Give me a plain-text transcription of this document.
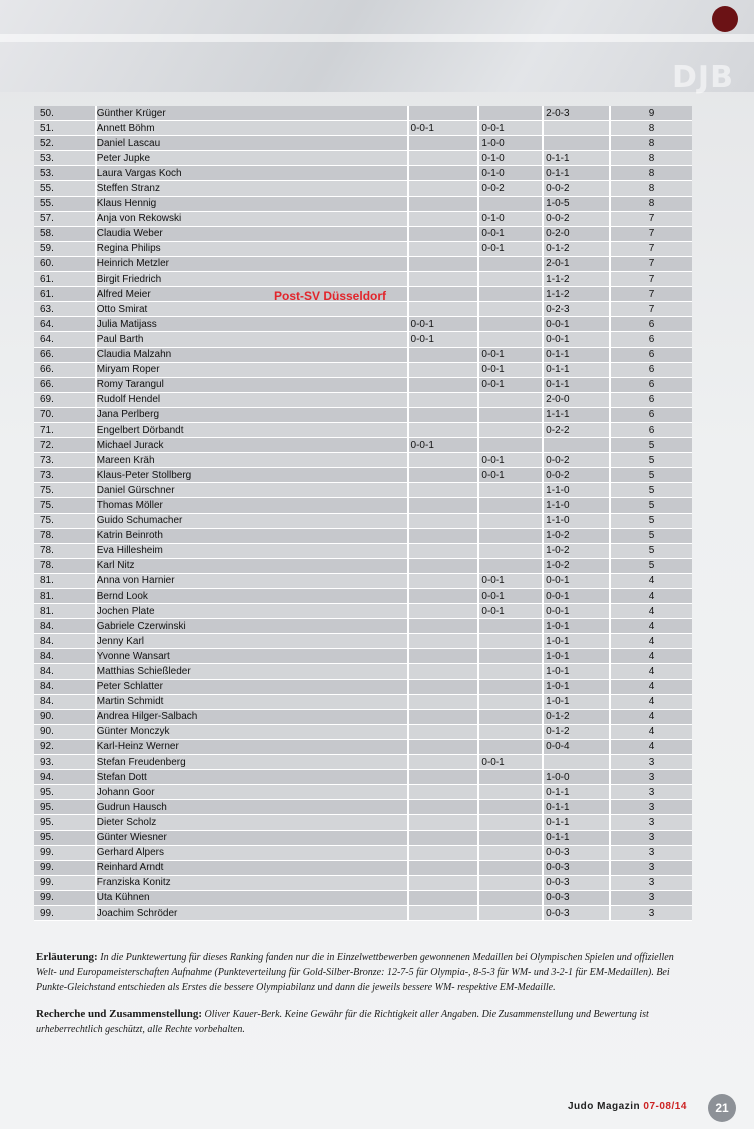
DJB
50.	Günther Krüger			2-0-3	9
51.	Annett Böhm	0-0-1	0-0-1		8
52.	Daniel Lascau		1-0-0		8
53.	Peter Jupke		0-1-0	0-1-1	8
53.	Laura Vargas Koch		0-1-0	0-1-1	8
55.	Steffen Stranz		0-0-2	0-0-2	8
55.	Klaus Hennig			1-0-5	8
57.	Anja von Rekowski		0-1-0	0-0-2	7
58.	Claudia Weber		0-0-1	0-2-0	7
59.	Regina Philips		0-0-1	0-1-2	7
60.	Heinrich Metzler			2-0-1	7
61.	Birgit Friedrich			1-1-2	7
61.	Alfred Meier			1-1-2	7
63.	Otto Smirat			0-2-3	7
64.	Julia Matijass	0-0-1		0-0-1	6
64.	Paul Barth	0-0-1		0-0-1	6
66.	Claudia Malzahn		0-0-1	0-1-1	6
66.	Miryam Roper		0-0-1	0-1-1	6
66.	Romy Tarangul		0-0-1	0-1-1	6
69.	Rudolf Hendel			2-0-0	6
70.	Jana Perlberg			1-1-1	6
71.	Engelbert Dörbandt			0-2-2	6
72.	Michael Jurack	0-0-1			5
73.	Mareen Kräh		0-0-1	0-0-2	5
73.	Klaus-Peter Stollberg		0-0-1	0-0-2	5
75.	Daniel Gürschner			1-1-0	5
75.	Thomas Möller			1-1-0	5
75.	Guido Schumacher			1-1-0	5
78.	Katrin Beinroth			1-0-2	5
78.	Eva Hillesheim			1-0-2	5
78.	Karl Nitz			1-0-2	5
81.	Anna von Harnier		0-0-1	0-0-1	4
81.	Bernd Look		0-0-1	0-0-1	4
81.	Jochen Plate		0-0-1	0-0-1	4
84.	Gabriele Czerwinski			1-0-1	4
84.	Jenny Karl			1-0-1	4
84.	Yvonne Wansart			1-0-1	4
84.	Matthias Schießleder			1-0-1	4
84.	Peter Schlatter			1-0-1	4
84.	Martin Schmidt			1-0-1	4
90.	Andrea Hilger-Salbach			0-1-2	4
90.	Günter Monczyk			0-1-2	4
92.	Karl-Heinz Werner			0-0-4	4
93.	Stefan Freudenberg		0-0-1		3
94.	Stefan Dott			1-0-0	3
95.	Johann Goor			0-1-1	3
95.	Gudrun Hausch			0-1-1	3
95.	Dieter Scholz			0-1-1	3
95.	Günter Wiesner			0-1-1	3
99.	Gerhard Alpers			0-0-3	3
99.	Reinhard Arndt			0-0-3	3
99.	Franziska Konitz			0-0-3	3
99.	Uta Kühnen			0-0-3	3
99.	Joachim Schröder			0-0-3	3
Post-SV Düsseldorf

Erläuterung: In die Punktewertung für dieses Ranking fanden nur die in Einzelwettbewerben gewonnenen Medaillen bei Olympischen Spielen und offiziellen Welt- und Europameisterschaften Aufnahme (Punkteverteilung für Gold-Silber-Bronze: 12-7-5 für Olympia-, 8-5-3 für WM- und 3-2-1 für EM-Medaillen). Bei Punkte-Gleichstand entschieden als Erstes die bessere Olympiabilanz und dann die jeweils bessere WM- respektive EM-Medaille.

Recherche und Zusammenstellung: Oliver Kauer-Berk. Keine Gewähr für die Richtigkeit aller Angaben. Die Zusammenstellung und Bewertung ist urheberrechtlich geschützt, alle Rechte vorbehalten.

Judo Magazin 07-08/14	21
